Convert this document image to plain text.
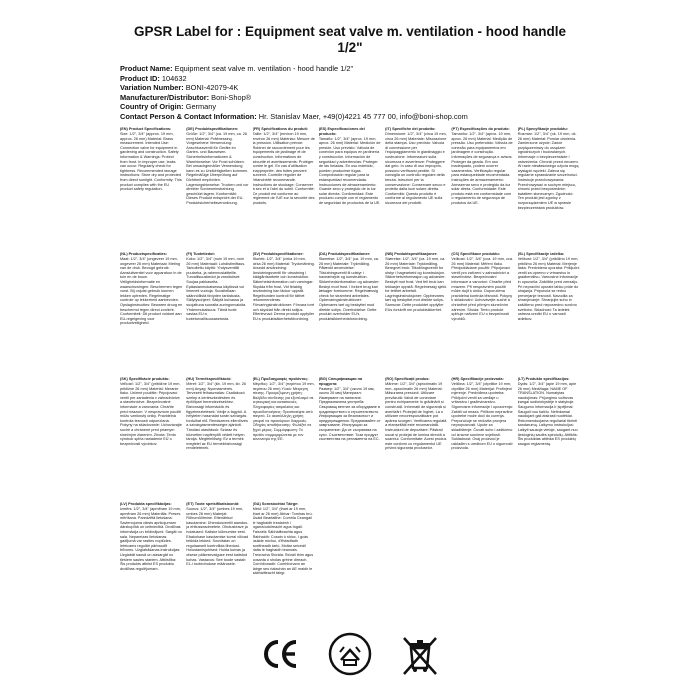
GPSR Label for : Equipment seat valve m. ventilation - hood handle 1/2"
Product Name: Equipment seat valve m. ventilation - hood handle 1/2"
Product ID: 104632
Variation Number: BONI-42079-4K
Manufacturer/Distributor: Boni-Shop®
Country of Origin: Germany
Contact Person & Contact Information: Hr. Stanislav Maer, +49(0)4221 45 777 00, info@boni-shop.com
(EN) Product Specifications:
Size: 1/2", 3/4" (approx. 19 mm, approx. 26 mm) Material: Brass measurement. Intended Use: Connection valve for equipment in gardening and construction. Safety Information & Warnings: Protect from frost. In improper use, leaks can occur. Regularly check for tightness. Recommended storage instructions: Store dry and protected from direct sunlight. Conformity: This product complies with the EU product safety regulation.
(DE) Produktspezifikationen:
Größe: 1/2", 3/4" (ca. 19 mm, ca. 26 mm) Material: Präfmessing. Vorgesehene Verwendung: Anschlussventil für Geräte im Garten- und Bauwesen. Sicherheitsinformationen & Warnhinweise: Vor Frost schützen. Bei unsachgemäßer Verwendung kann es zu Undichtigkeiten kommen. Regelmäßige Überprüfung auf Dichtheit empfohlen. Lagerungshinweise: Trocken und vor direkter Sonneneinstrahlung geschützt lagern. Konformität: Dieses Produkt entspricht der EU-Produktsicherheitsverordnung.
(FR) Spécifications du produit:
Taille: 1/2", 3/4" (environ 19 mm, environ 26 mm) Matériau: Mesure de la pression. Utilisation prévue: Robinet de raccordement pour les équipements de jardinage et de construction. Informations de sécurité et avertissements: Protéger contre le gel. En cas d'utilisation inappropriée, des fuites peuvent survenir. Contrôle régulier de l'étanchéité recommandé. Instructions de stockage: Conserver à sec et à l'abri du soleil. Conformité: Ce produit est conforme au règlement de l'UE sur la sécurité des produits.
(ES) Especificaciones del producto:
Tamaño: 1/2", 3/4" (aprox. 19 mm, aprox. 26 mm) Material: Medición de presión. Uso previsto: Válvula de conexión para equipos en jardinería y construcción. Información de seguridad y advertencias: Proteger de las heladas. En uso indebido, pueden producirse fugas. Comprobación regular para la estanqueidad recomendada. Instrucciones de almacenamiento: Guarde seco y protegido de la luz solar directa. Conformidad: Este producto cumple con el reglamento de seguridad de productos de la UE.
(IT) Specifiche del prodotto:
Dimensione: 1/2", 3/4" (circa 19 mm, circa 26 mm) Materiale: Misurazione della stampa. Uso previsto: Valvola di connessione per l'equipaggiamento in giardinaggio e costruzione. Informazioni sulla sicurezza e avvertenze: Proteggere dal gelo. In caso di uso improprio, possono verificarsi perdite. Si consiglia un controllo regolare della tenuta. Istruzioni per la conservazione: Conservare secco e protetto dalla luce solare diretta. Conformità: Questo prodotto è conforme al regolamento UE sulla sicurezza dei prodotti.
(PT) Especificações do produto:
Tamanho: 1/2", 3/4" (aprox. 19 mm, aprox. 26 mm) Material: Medição de pressão. Uso pretendido: Válvula de conexão para equipamentos em jardinagem e construção. Informações de segurança e avisos: Proteger da geada. Em uso inadequado, podem ocorrer vazamentos. Verificação regular para estanqueidade recomendada. Instruções de armazenamento: Armazenar seco e protegido da luz solar direta. Conformidade: Este produto está em conformidade com o regulamento de segurança de produtos da UE.
(PL) Specyfikacje produktu:
Rozmiar: 1/2", 3/4" (ok. 19 mm, ok. 26 mm) Materiał: Pomiar ciśnienia. Zamierzone użycie: Zawór przyłączeniowy do urządzeń ogrodniczych i budowlanych. Informacje o bezpieczeństwie i ostrzeżenia: Chronić przed mrozem. W razie niewłaściwego użycia mogą wystąpić wycieki. Zaleca się regularne sprawdzanie szczelności. Instrukcje przechowywania: Przechowywać w suchym miejscu, chronić przed bezpośrednim światłem słonecznym. Zgodność: Ten produkt jest zgodny z rozporządzeniem UE w sprawie bezpieczeństwa produktów.
(NL) Productspecificaties:
Maat: 1/2", 3/4" (ongeveer 19 mm, ongeveer 26 mm) Materiaal: Meting van de druk. Beoogd gebruik: Aansluitventiel voor apparatuur in de tuin en de bouw. Veiligheidsinformatie en waarschuwingen: Beschermen tegen vorst. Bij onjuist gebruik kunnen lekken optreden. Regelmatige controle op lekkerheid aanbevolen. Opslaginstructies: Bewaren droog en beschermd tegen direct zonlicht. Conformiteit: Dit product voldoet aan EU-regelgeving voor productveiligheid.
(FI) Tuotetiedot:
Koko: 1/2", 3/4" (noin 19 mm, noin 26 mm) Materiaali: Lohdistimittaus. Tarkoitettu käyttö: Yhdysventtiili puutarha- ja rakennuslaitteille. Turvallisuustiedot ja varoitukset: Suojaa pakkaselta. Epäasianmukaisessa käytössä voi ilmeneti vuotoja. Suositellaan säännöllistä tiiviyden tarkistusta. Säilytysohjeet: Säilytä kuivassa ja suojattuna suoralta auringonvalolta. Yhdenmukaisuus: Tämä tuote vastaa EU:n tuoteturvallisuusasetusta.
(SV) Produktspecifikationer:
Storlek: 1/2", 3/4" (cirka 19 mm, cirka 26 mm) Material: Tryckmätning. Avsedd användning: Anslutningsventil för utrustning i trädgårdsarbete och konstruktion. Säkerhetsinformation och varningar: Skydda från frost. Vid felaktig användning kan läckor uppstå. Regelbunden kontroll för täthet rekommenderas. Förvaringsinstruktioner: Förvara torrt och skyddat från direkt solljus. Efterlevnad: Denna produkt uppfyller EU:s produktsäkerhetsförordning.
(DA) Produktspecifikationer:
Størrelse: 1/2", 3/4" (ca. 19 mm, ca. 26 mm) Materiale: Trykmåling. Påtænkt anvendelse: Tilslutningsventil til udstyr i havearbejde og konstruktion. Sikkerhedsinformation og advarsler: Beskyt mod frost. I forkert brug kan lækager forekomme. Regelmæssig check for stramhed anbefales. Opbevaringsinstruktioner: Opbevares tørt og beskyttet mod direkte sollys. Overholdelse: Dette produkt overholder EU's produktsikkerhedsforordning.
(NB) Produktspesifikasjoner:
Størrelse: 1/2", 3/4" (ca. 19 mm, ca. 26 mm) Materiale: Trykkmåling. Beregnet bruk: Tilkoblingsventil for utstyr i hagearbeid og konstruksjon. Sikkerhetsinformasjon og advarsler: Beskytt mot frost. Ved feil bruk kan lekkasjer oppstå. Regelmessig sjekk for tetthet anbefalt. Lagringsinstruksjoner: Oppbevares tørt og beskyttet mot direkte sollys. Samsvar: Dette produktet oppfyller EUs forskrift om produktsikkerhet.
(CS) Specifikace produktu:
Velikost: 1/2", 3/4" (cca. 19 mm, cca. 26 mm) Materiál: Měření tlaku. Předpokládané použití: Připojovací ventil pro zařízení v zahradnictví a stavebnictví. Bezpečnostní informace a varování: Chraňte před mrazem. Při nesprávném použití může dojít k úniku. Doporučena pravidelná kontrola těsnosti. Pokyny k skladování: Uchovávejte suché a chráněné před přímým slunečním zářením. Shoda: Tento produkt splňuje nařízení EU o bezpečnosti výrobků.
(SL) Specifikacije izdelka:
Velikost: 1/2", 3/4" (približno 19 mm, približno 26 mm) Material: Merjenje tlaka. Predvidena uporaba: Priključni ventil za opremo v vrtnarstvu in gradbeništvu. Varnostne informacije in opozorila: Zaščitite pred zmrzaljo. Pri nepravilni uporabi lahko pride do uhajanja. Priporoča se redno preverjanje tesnosti. Navodila za shranjevanje: Shranjujte suho in zaščiteno pred neposredno sončno svetlobo. Skladnost: Ta izdelek ustreza uredbi EU o varnosti izdelkov.
(SK) Špecifikácie produktu:
Veľkosť: 1/2", 3/4" (približne 19 mm, približne 26 mm) Materiál: Meranie tlaku. Určené použitie: Pripojovací ventil pre zariadenia v záhradníctve a stavebníctve. Bezpečnostné informácie a varovania: Chráňte pred mrazom. V nesprávnom použití môžu vzniknutý úniky. Pravidelná kontrola tesnosti odporúčaná. Pokyny na skladovanie: Uchovávajte suché a chránené pred priamym slnečným žiarením. Zhoda: Tento výrobok spĺňa nariadenie EÚ o bezpečnosti výrobkov.
(HU) Termékspecifikáció:
Méret: 1/2", 3/4" (kb. 19 mm, kb. 26 mm) Anyag: Nyomásmérés. Tervezett felhasználás: Csatlakozó szelep a kertészkedésben és építőipari berendezésekhez. Biztonsági információk és figyelmeztetések: Védje a fagytól. A helytelen használat során szivárgás fordulhat elő. Rendszeres ellenőrzés a szivárgásmentességre ajánlott. Tárolási utasítások: Száraz és közvetlen napfénytől védett helyen tárolja. Megfelelőség: Ez a termék megfelel az EU termékbiztonsági rendeletének.
(EL) Προδιαγραφές προϊόντος:
Μέγεθος: 1/2", 3/4" (περίπου 19 mm, περίπου 26 mm) Υλικό: Μέτρηση πίεσης. Προοριζόμενη χρήση: Βαλβίδα σύνδεσης για εξοπλισμό σε κηπουρική και κατασκευές. Πληροφορίες ασφαλείας και προειδοποιήσεις: Προστατέψτε από παγετό. Σε ακατάλληλη χρήση μπορεί να προκύψουν διαρροές. Οδηγίες αποθήκευσης: Φυλάξτε σε ξηρό μέρος. Συμμόρφωση: Το προϊόν συμμορφώνεται με τον κανονισμό της ΕΕ.
(BG) Спецификации на продукта:
Размер: 1/2", 3/4" (около 19 мм, около 26 мм) Материал: Измерване на налягане. Предназначена употреба: Свързващ вентил за оборудване в градинарството и строителството. Информация за безопасност и предупреждения: Предпазвайте от замръзване. Инструкции за съхранение: Да се съхранява на сухо. Съответствие: Този продукт съответства на регламента на ЕС.
(RO) Specificații produs:
Mărime: 1/2", 3/4" (aproximativ 19 mm, aproximativ 26 mm) Material: Măsurarea presiunii. Utilizare prevăzută: Valvă de conectare pentru echipamente în grădinărit și construcții. Informații de siguranță și avertizări: Protejați de îngheț. La o utilizare necorespunzătoare pot apărea scurgeri. Verificarea regulată a etanșeității este recomandată. Instrucțiuni de depozitare: Păstrați uscat și protejat de lumina directă a soarelui. Conformitate: Acest produs este conform cu regulamentul UE privind siguranța produselor.
(HR) Specifikacije proizvoda:
Veličina: 1/2", 3/4" (otprilike 19 mm, otprilike 26 mm) Materijal: Profinjeni mjerenje. Predviđena upotreba: Priključni ventil za uređaje u vrtlarstvu i građevinarstvu. Sigurnosne informacije i upozorenja: Zaštiti od mraza. Prilikom nepravilne upotrebe može doći do curenja. Preporučuje se redovita provjera nepropusnosti. Upute za skladištenje: Čuvati suho i zaštićeno od izravne sunčeve svjetlosti. Sukladnost: Ovaj proizvod je usklađen s uredbom EU o sigurnosti proizvoda.
(LT) Produkto specifikacijos:
Dydis: 1/2", 3/4" (apie 19 mm, apie 26 mm) Medžiaga: NAME OF TRANSLATION. Numatytas naudojimas: Prijungimo vožtuvas įrangai sodininkystėje ir statyboje. Saugumo informacija ir įspėjimai: Saugoti nuo šalčio. Netinkamai naudojant gali atsirasti nuotėkiai. Rekomenduojama reguliariai tikrinti sandarumą. Laikymo instrukcijos: Laikyti sausoje vietoje, saugant nuo tiesioginių saulės spindulių. Atitiktis: Šis produktas atitinka ES produktų saugos reglamentą.
(LV) Produkta specifikācijas:
Izmērs: 1/2", 3/4" (apmēram 19 mm, apmēram 26 mm) Materiāls: Preses mērīšana. Paredzētā lietošana: Savienojuma vārsts aprikojumam dārzkopībā un celtniecībā. Drošības informācija un brīdinājumi: Sargāt no sala. Nepareizas lietošanas gadījumā var rasties noplūdes. Ieteicams regulāri pārbaudīt blīvumu. Uzglabāšanas instrukcijas: Uzglabāt sausā un aizsargāt no tiešiem saules stariem. Atbilstība: Šis produkts atbilst ES produktu drošības regulējumam.
(ET) Toote spetsifikatsioonid:
Suurus: 1/2", 3/4" (umbes 19 mm, umbes 26 mm) Materjal: Rõhumõõtmine. Ettenähtud kasutamine: Ühendusventiil aiandus- ja ehitusseadmetele. Ohutusteave ja hoiatused: Kaitske külmumise eest. Ebakohase kasutamise korral võivad tekkida lekked. Soovitatav on regulaarselt kontrollida tihedust. Hoiustamisjuhised: Hoida kuivas ja otsese päikesevalguse eest kaitstud kohas. Vastavus: See toode vastab EL-i tooteohutuse määrusele.
(GA) Sonraíochtaí Táirge:
Méid: 1/2", 3/4" (thart ar 19 mm, thart ar 26 mm) Ábhar: Tomhas brú. Úsáid Beartaithe: Comhla Ceangail le haghaidh trealaimh i ngarraíodóireacht agus tógáil. Faisnéis Sábháilteachta agus Rabhaidh: Cosain ó shioc. I gcás úsáide míchuí, d'fhéadfadh sceitheadh tarlú. Moltar seiceáil rialta le haghaidh teannais. Treoracha Stórála: Stóráil tirim agus cosanta ó sholas gréine díreach. Comhlíonadh: Comhlíonann an táirge seo rialachán an AE maidir le sábháilteacht táirgí.
